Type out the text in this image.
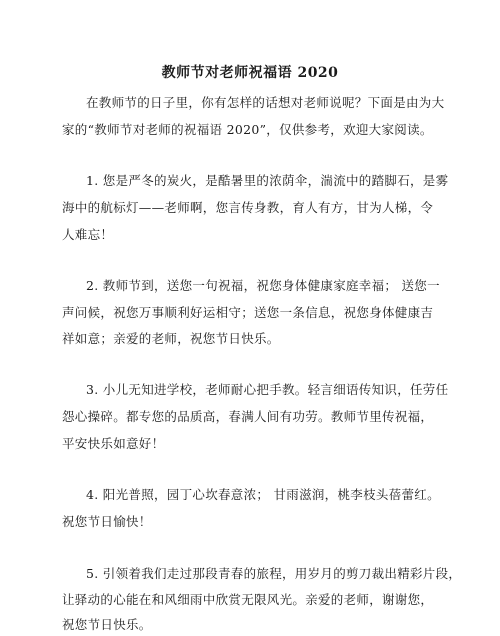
教师节对老师祝福语 2020
在教师节的日子里，你有怎样的话想对老师说呢？下面是由为大
家的“教师节对老师的祝福语 2020”，仅供参考，欢迎大家阅读。
1. 您是严冬的炭火，是酷暑里的浓荫伞，湍流中的踏脚石，是雾
海中的航标灯——老师啊，您言传身教，育人有方，甘为人梯，令
人难忘！
2. 教师节到，送您一句祝福，祝您身体健康家庭幸福； 送您一
声问候，祝您万事顺利好运相守；送您一条信息，祝您身体健康吉
祥如意；亲爱的老师，祝您节日快乐。
3. 小儿无知进学校，老师耐心把手教。轻言细语传知识，任劳任
怨心操碎。都专您的品质高，春满人间有功劳。教师节里传祝福，
平安快乐如意好！
4. 阳光普照，园丁心坎春意浓； 甘雨滋润，桃李枝头蓓蕾红。
祝您节日愉快！
5. 引领着我们走过那段青春的旅程，用岁月的剪刀裁出精彩片段，
让驿动的心能在和风细雨中欣赏无限风光。亲爱的老师，谢谢您，
祝您节日快乐。
